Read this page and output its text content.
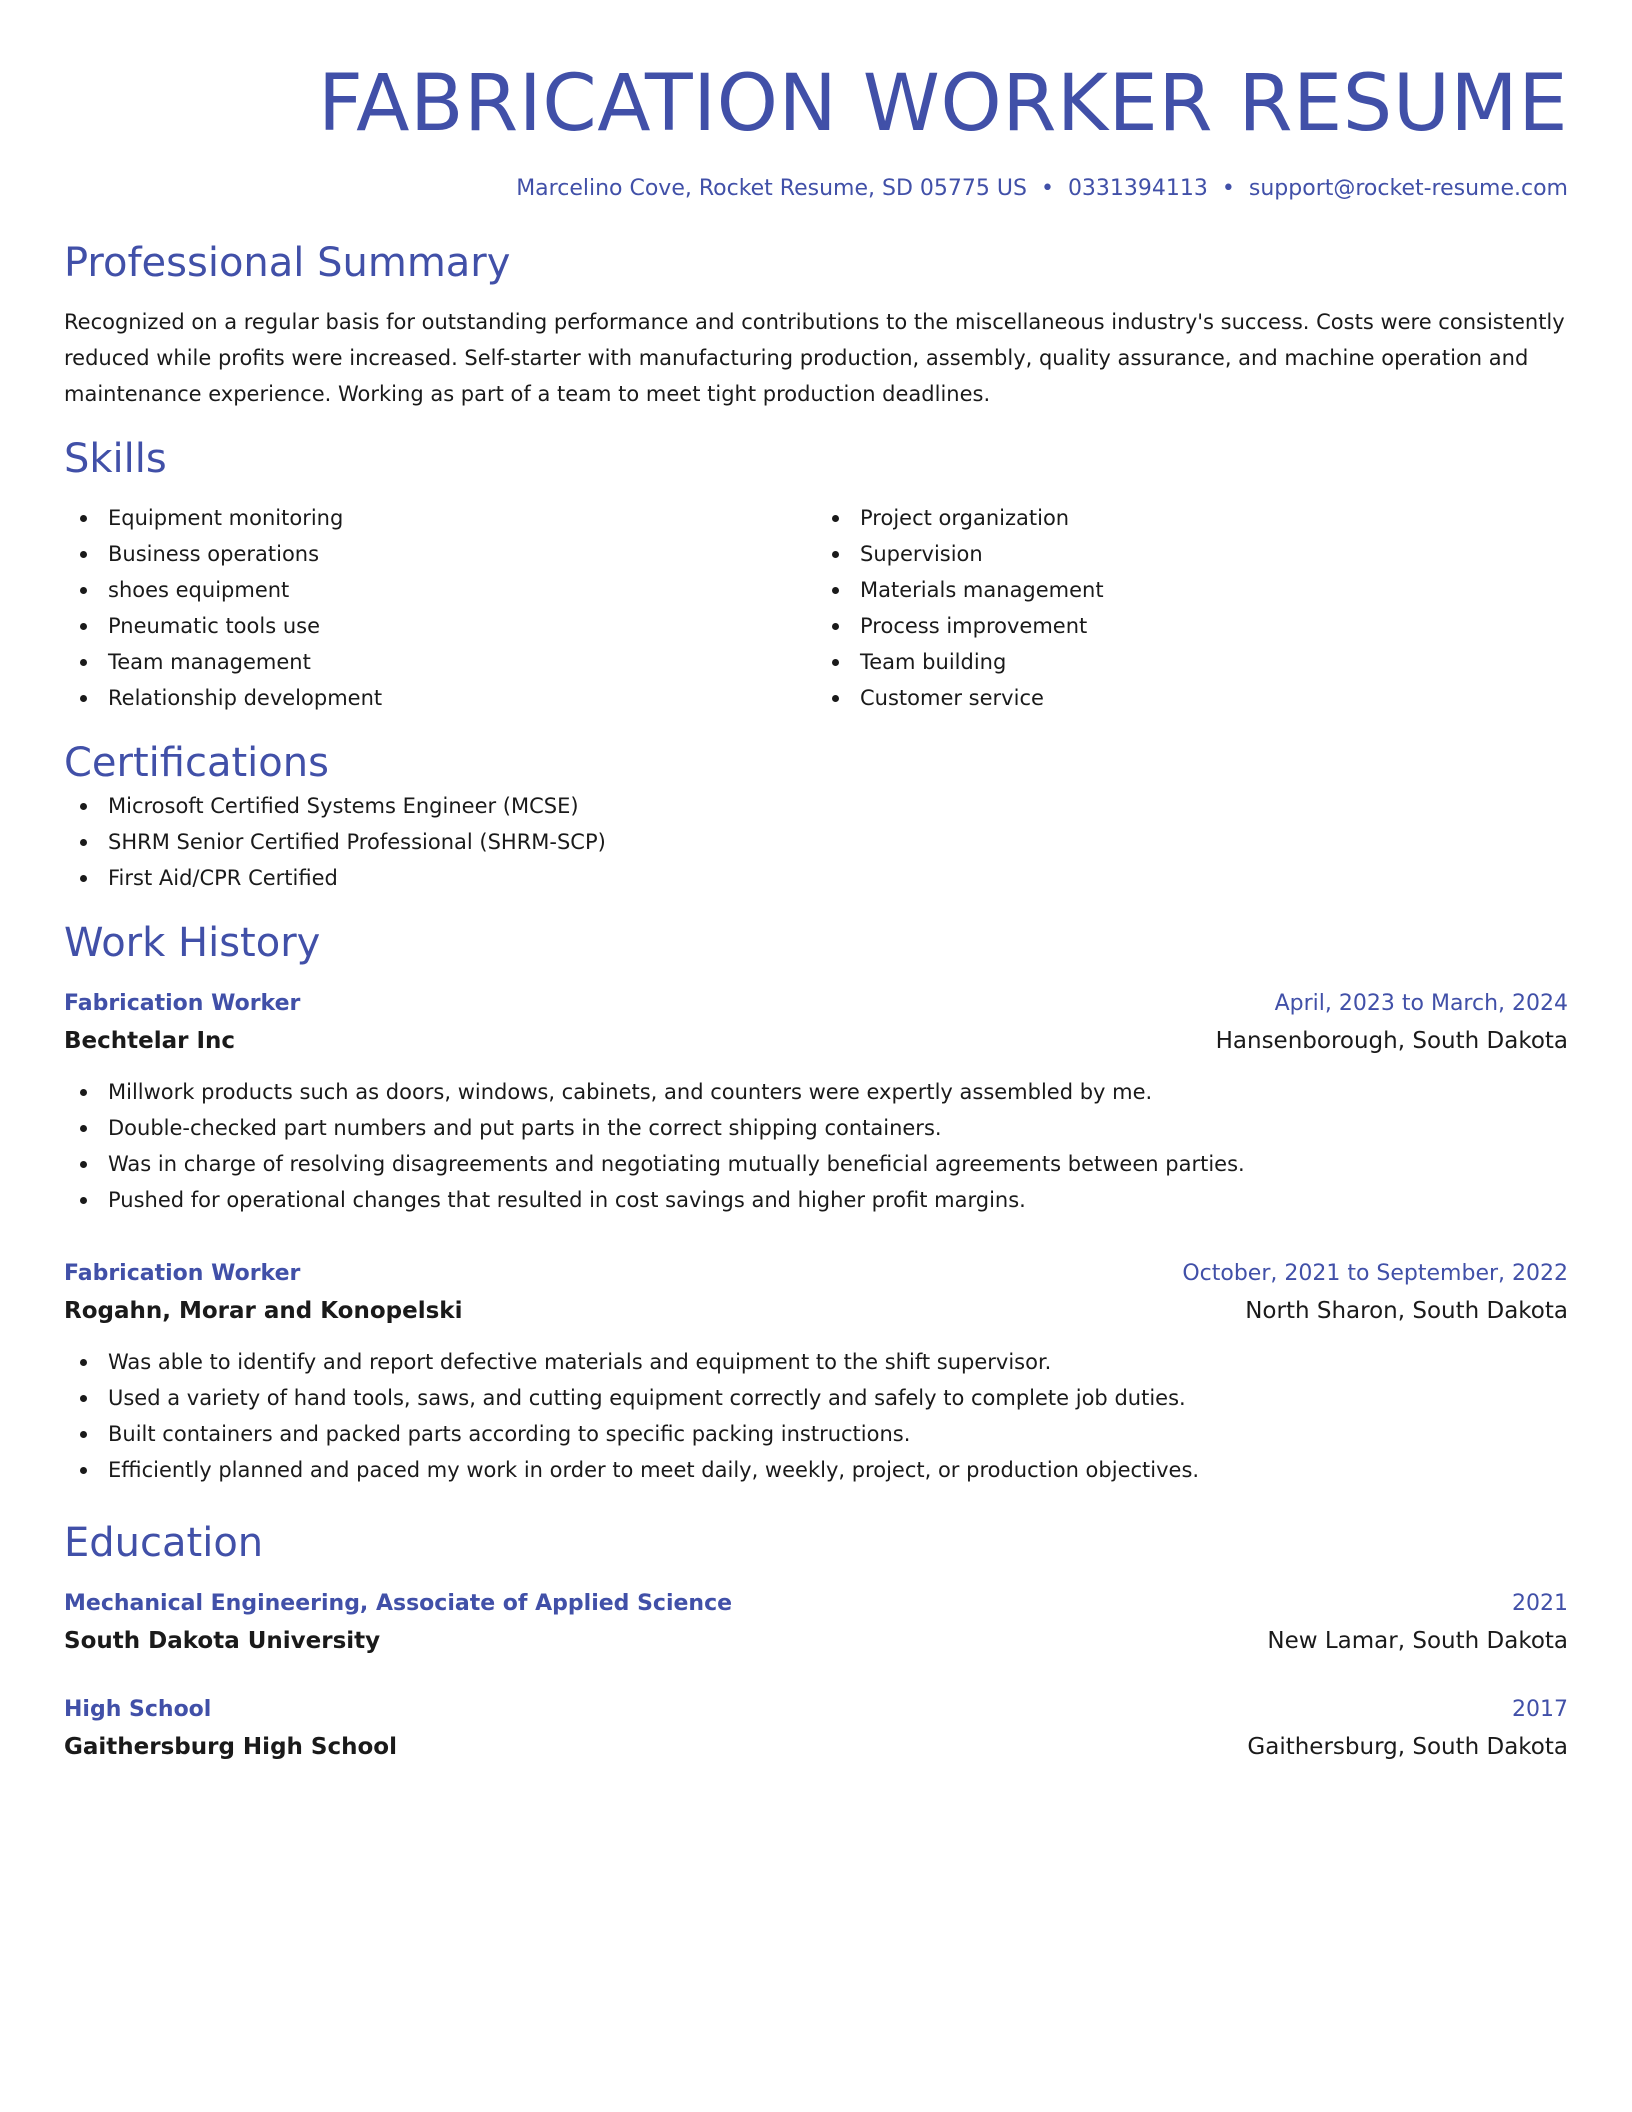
FABRICATION WORKER RESUME
Marcelino Cove, Rocket Resume, SD 05775 US • 0331394113 • support@rocket-resume.com
Professional Summary

Recognized on a regular basis for outstanding performance and contributions to the miscellaneous industry's success. Costs were consistently reduced while profits were increased. Self-starter with manufacturing production, assembly, quality assurance, and machine operation and maintenance experience. Working as part of a team to meet tight production deadlines.

Skills
Equipment monitoring
Business operations
shoes equipment
Pneumatic tools use
Team management
Relationship development
Project organization
Supervision
Materials management
Process improvement
Team building
Customer service
Certifications
Microsoft Certified Systems Engineer (MCSE)
SHRM Senior Certified Professional (SHRM-SCP)
First Aid/CPR Certified
Work History
Fabrication Worker	April, 2023 to March, 2024
Bechtelar Inc	Hansenborough, South Dakota
Millwork products such as doors, windows, cabinets, and counters were expertly assembled by me.
Double-checked part numbers and put parts in the correct shipping containers.
Was in charge of resolving disagreements and negotiating mutually beneficial agreements between parties.
Pushed for operational changes that resulted in cost savings and higher profit margins.
Fabrication Worker	October, 2021 to September, 2022
Rogahn, Morar and Konopelski	North Sharon, South Dakota
Was able to identify and report defective materials and equipment to the shift supervisor.
Used a variety of hand tools, saws, and cutting equipment correctly and safely to complete job duties.
Built containers and packed parts according to specific packing instructions.
Efficiently planned and paced my work in order to meet daily, weekly, project, or production objectives.
Education
Mechanical Engineering, Associate of Applied Science	2021
South Dakota University	New Lamar, South Dakota
High School	2017
Gaithersburg High School	Gaithersburg, South Dakota
